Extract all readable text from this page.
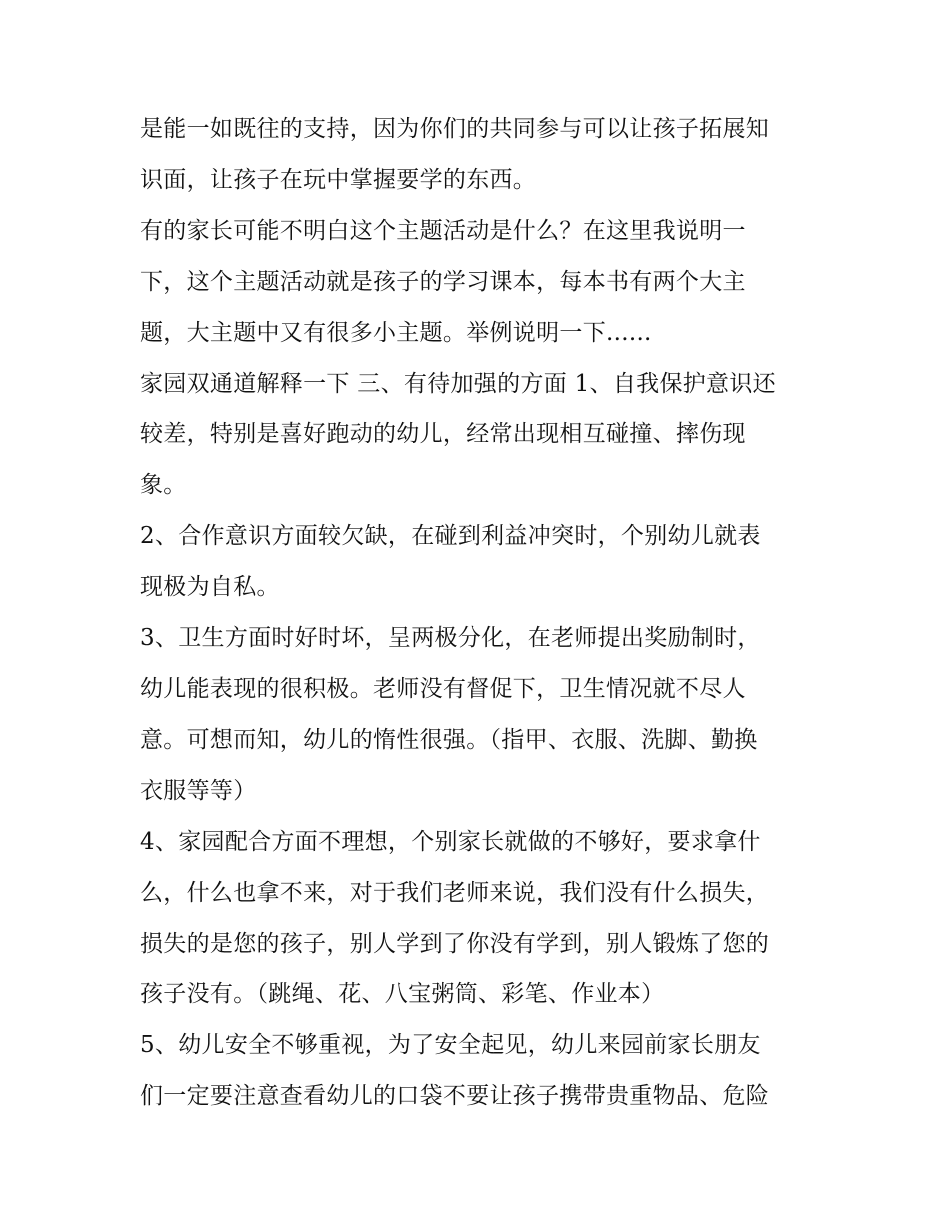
是能一如既往的支持，因为你们的共同参与可以让孩子拓展知
识面，让孩子在玩中掌握要学的东西。

有的家长可能不明白这个主题活动是什么？在这里我说明一
下，这个主题活动就是孩子的学习课本，每本书有两个大主
题，大主题中又有很多小主题。举例说明一下......

家园双通道解释一下 三、有待加强的方面 1、自我保护意识还
较差，特别是喜好跑动的幼儿，经常出现相互碰撞、摔伤现
象。

2、合作意识方面较欠缺，在碰到利益冲突时，个别幼儿就表
现极为自私。

3、卫生方面时好时坏，呈两极分化，在老师提出奖励制时，
幼儿能表现的很积极。老师没有督促下，卫生情况就不尽人
意。可想而知，幼儿的惰性很强。（指甲、衣服、洗脚、勤换
衣服等等）

4、家园配合方面不理想，个别家长就做的不够好，要求拿什
么，什么也拿不来，对于我们老师来说，我们没有什么损失，
损失的是您的孩子，别人学到了你没有学到，别人锻炼了您的
孩子没有。（跳绳、花、八宝粥筒、彩笔、作业本）

5、幼儿安全不够重视，为了安全起见，幼儿来园前家长朋友
们一定要注意查看幼儿的口袋不要让孩子携带贵重物品、危险
